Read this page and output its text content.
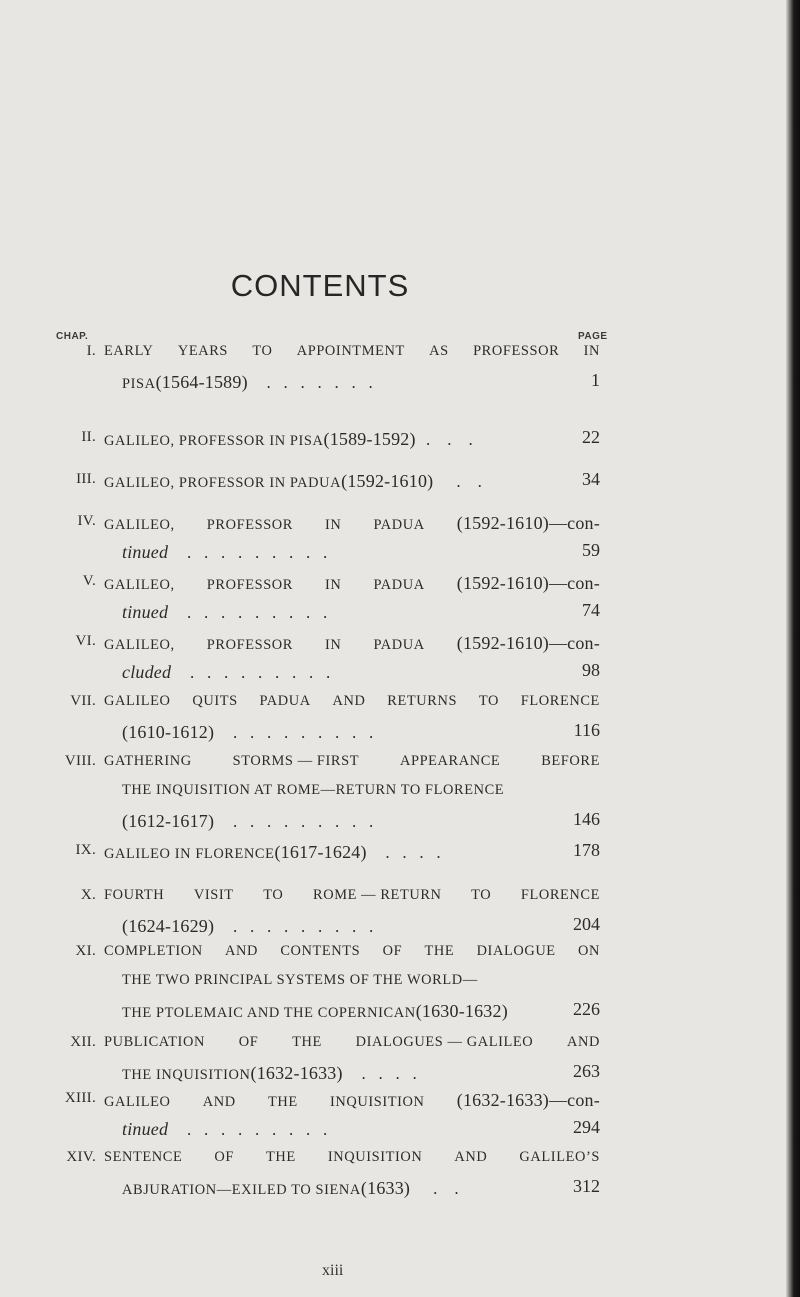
CONTENTS
CHAP.	PAGE
I. EARLY YEARS TO APPOINTMENT AS PROFESSOR IN
PISA (1564-1589) .   .   .   .   .   .   .	1
II. GALILEO, PROFESSOR IN PISA (1589-1592) .    .    .	22
III. GALILEO, PROFESSOR IN PADUA (1592-1610) .    .	34
IV. GALILEO, PROFESSOR IN PADUA (1592-1610)—con-
tinued .   .   .   .   .   .   .   .   .	59
V. GALILEO, PROFESSOR IN PADUA (1592-1610)—con-
tinued .   .   .   .   .   .   .   .   .	74
VI. GALILEO, PROFESSOR IN PADUA (1592-1610)—con-
cluded .   .   .   .   .   .   .   .   .	98
VII. GALILEO QUITS PADUA AND RETURNS TO FLORENCE
(1610-1612) .   .   .   .   .   .   .   .   .	116
VIII. GATHERING	STORMS — FIRST	APPEARANCE	BEFORE
THE INQUISITION AT ROME—RETURN TO FLORENCE
(1612-1617) .   .   .   .   .   .   .   .   .	146
IX. GALILEO IN FLORENCE (1617-1624) .   .   .   .	178
X. FOURTH VISIT TO ROME — RETURN TO FLORENCE
(1624-1629) .   .   .   .   .   .   .   .   .	204
XI. COMPLETION AND CONTENTS OF THE DIALOGUE ON
THE TWO PRINCIPAL SYSTEMS OF THE WORLD—
THE PTOLEMAIC AND THE COPERNICAN (1630-1632)	226
XII. PUBLICATION OF THE DIALOGUES — GALILEO AND
THE INQUISITION (1632-1633) .   .   .   .	263
XIII. GALILEO AND THE INQUISITION (1632-1633)—con-
tinued .   .   .   .   .   .   .   .   .	294
XIV. SENTENCE OF THE INQUISITION AND GALILEO’S
ABJURATION—EXILED TO SIENA (1633) .    .	312
xiii
